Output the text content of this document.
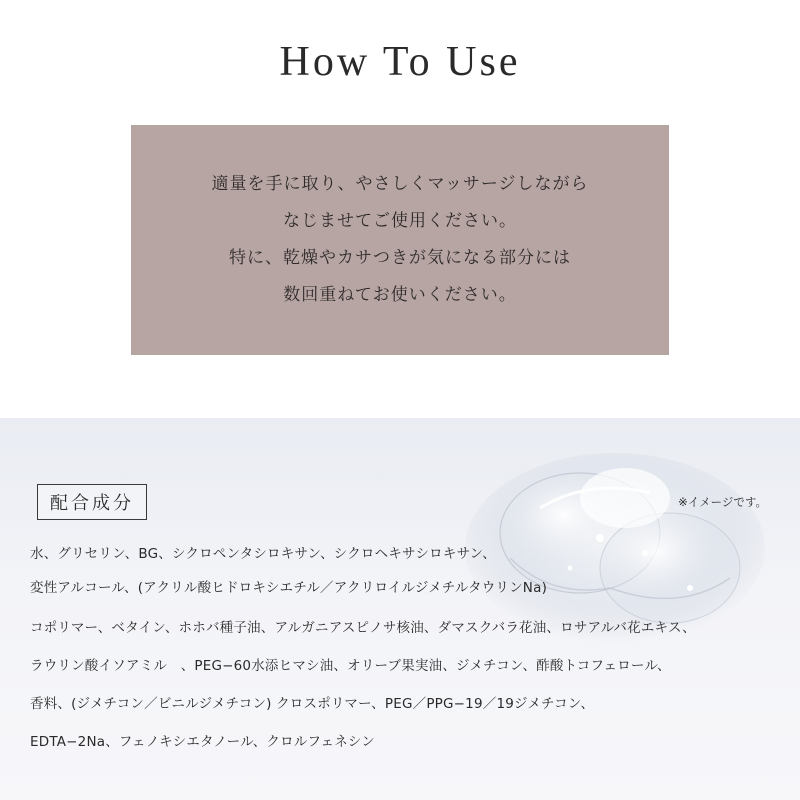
How To Use
適量を手に取り、やさしくマッサージしながら
なじませてご使用ください。
特に、乾燥やカサつきが気になる部分には
数回重ねてお使いください。
配合成分	※イメージです。
水、グリセリン、BG、シクロペンタシロキサン、シクロヘキサシロキサン、
変性アルコール、(アクリル酸ヒドロキシエチル／アクリロイルジメチルタウリンNa)
コポリマー、ベタイン、ホホバ種子油、アルガニアスピノサ核油、ダマスクバラ花油、ロサアルバ花エキス、
ラウリン酸イソアミル　、PEG−60水添ヒマシ油、オリーブ果実油、ジメチコン、酢酸トコフェロール、
香料、(ジメチコン／ビニルジメチコン) クロスポリマー、PEG／PPG−19／19ジメチコン、
EDTA−2Na、フェノキシエタノール、クロルフェネシン
